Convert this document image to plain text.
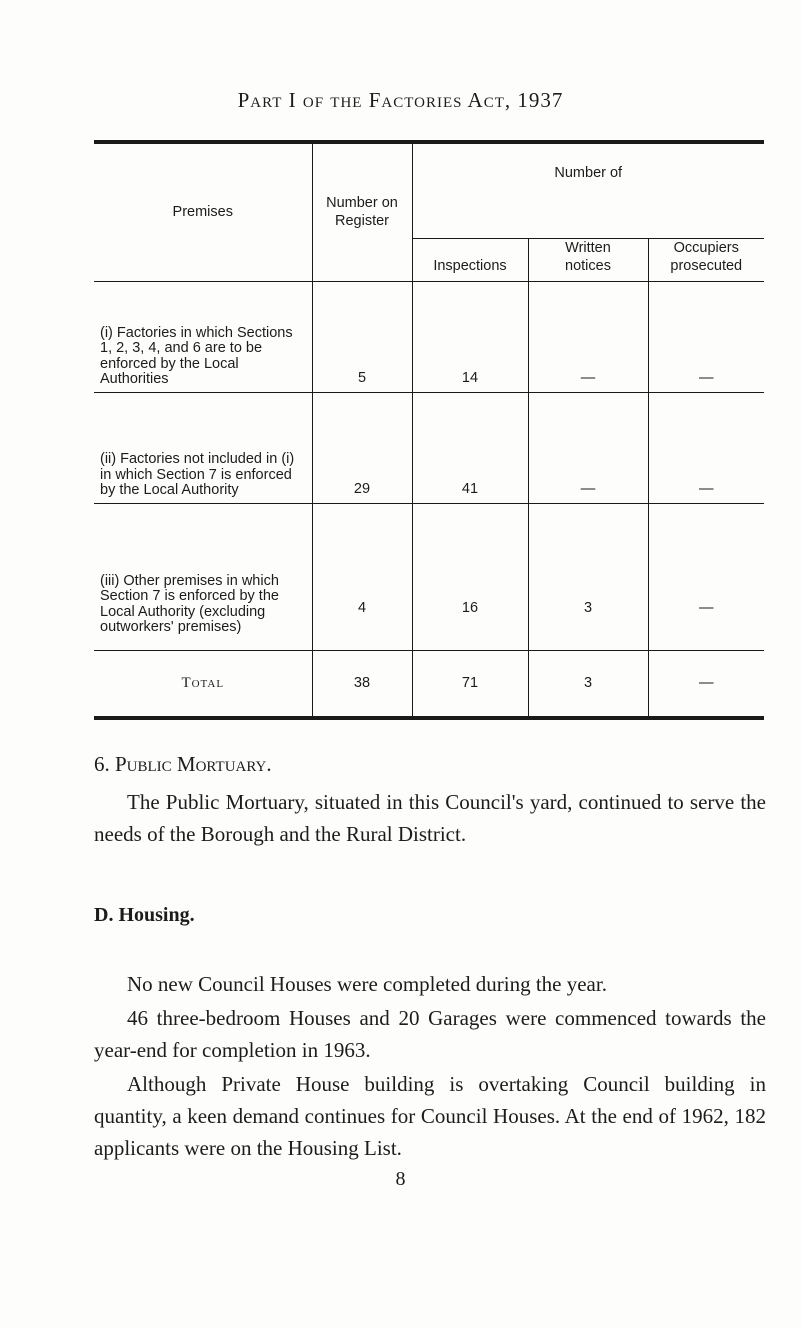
Part I of the Factories Act, 1937
Premises	Number on Register	Number of		
		Inspections	Written notices	Occupiers prosecuted
(i) Factories in which Sections 1, 2, 3, 4, and 6 are to be enforced by the Local Authorities	5	14	—	—
(ii) Factories not included in (i) in which Section 7 is enforced by the Local Authority	29	41	—	—
(iii) Other premises in which Section 7 is enforced by the Local Authority (excluding outworkers' premises)	4	16	3	—
Total	38	71	3	—
6. Public Mortuary.
The Public Mortuary, situated in this Council's yard, continued to serve the needs of the Borough and the Rural District.
D. Housing.
No new Council Houses were completed during the year.
46 three-bedroom Houses and 20 Garages were commenced towards the year-end for completion in 1963.
Although Private House building is overtaking Council building in quantity, a keen demand continues for Council Houses. At the end of 1962, 182 applicants were on the Housing List.
8
